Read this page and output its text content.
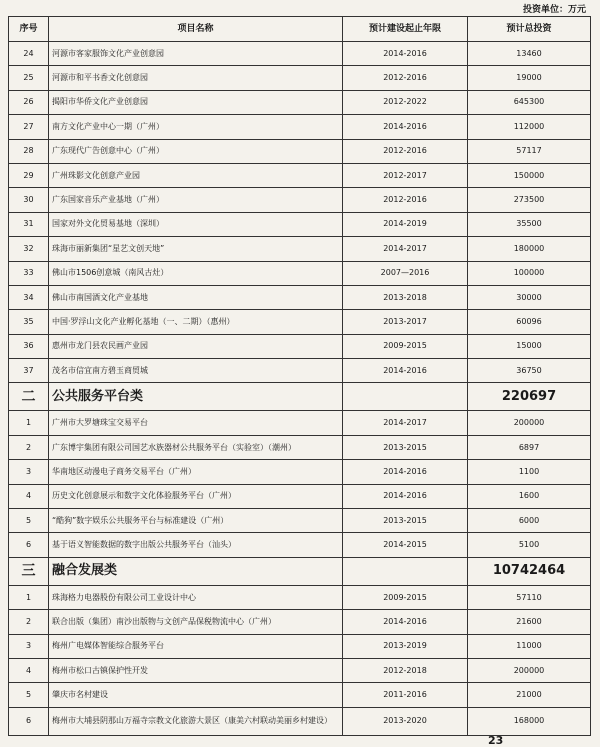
投资单位：万元
序号	项目名称	预计建设起止年限	预计总投资
24	河源市客家服饰文化产业创意园	2014-2016	13460
25	河源市和平书香文化创意园	2012-2016	19000
26	揭阳市华侨文化产业创意园	2012-2022	645300
27	南方文化产业中心一期（广州）	2014-2016	112000
28	广东现代广告创意中心（广州）	2012-2016	57117
29	广州珠影文化创意产业园	2012-2017	150000
30	广东国家音乐产业基地（广州）	2012-2016	273500
31	国家对外文化贸易基地（深圳）	2014-2019	35500
32	珠海市丽新集团“星艺文创天地”	2014-2017	180000
33	佛山市1506创意城（南风古灶）	2007—2016	100000
34	佛山市南国酒文化产业基地	2013-2018	30000
35	中国·罗浮山文化产业孵化基地（一、二期）（惠州）	2013-2017	60096
36	惠州市龙门县农民画产业园	2009-2015	15000
37	茂名市信宜南方碧玉商贸城	2014-2016	36750
二	公共服务平台类		220697
1	广州市大罗塘珠宝交易平台	2014-2017	200000
2	广东博宇集团有限公司国艺水族器材公共服务平台（实验室）（潮州）	2013-2015	6897
3	华南地区动漫电子商务交易平台（广州）	2014-2016	1100
4	历史文化创意展示和数字文化体验服务平台（广州）	2014-2016	1600
5	“酷狗”数字娱乐公共服务平台与标准建设（广州）	2013-2015	6000
6	基于语义智能数据的数字出版公共服务平台（汕头）	2014-2015	5100
三	融合发展类		10742464
1	珠海格力电器股份有限公司工业设计中心	2009-2015	57110
2	联合出版（集团）南沙出版物与文创产品保税物流中心（广州）	2014-2016	21600
3	梅州广电媒体智能综合服务平台	2013-2019	11000
4	梅州市松口古镇保护性开发	2012-2018	200000
5	肇庆市名村建设	2011-2016	21000
6	梅州市大埔县阴那山万福寺宗教文化旅游大景区（康美六村联动美丽乡村建设）	2013-2020	168000
23
